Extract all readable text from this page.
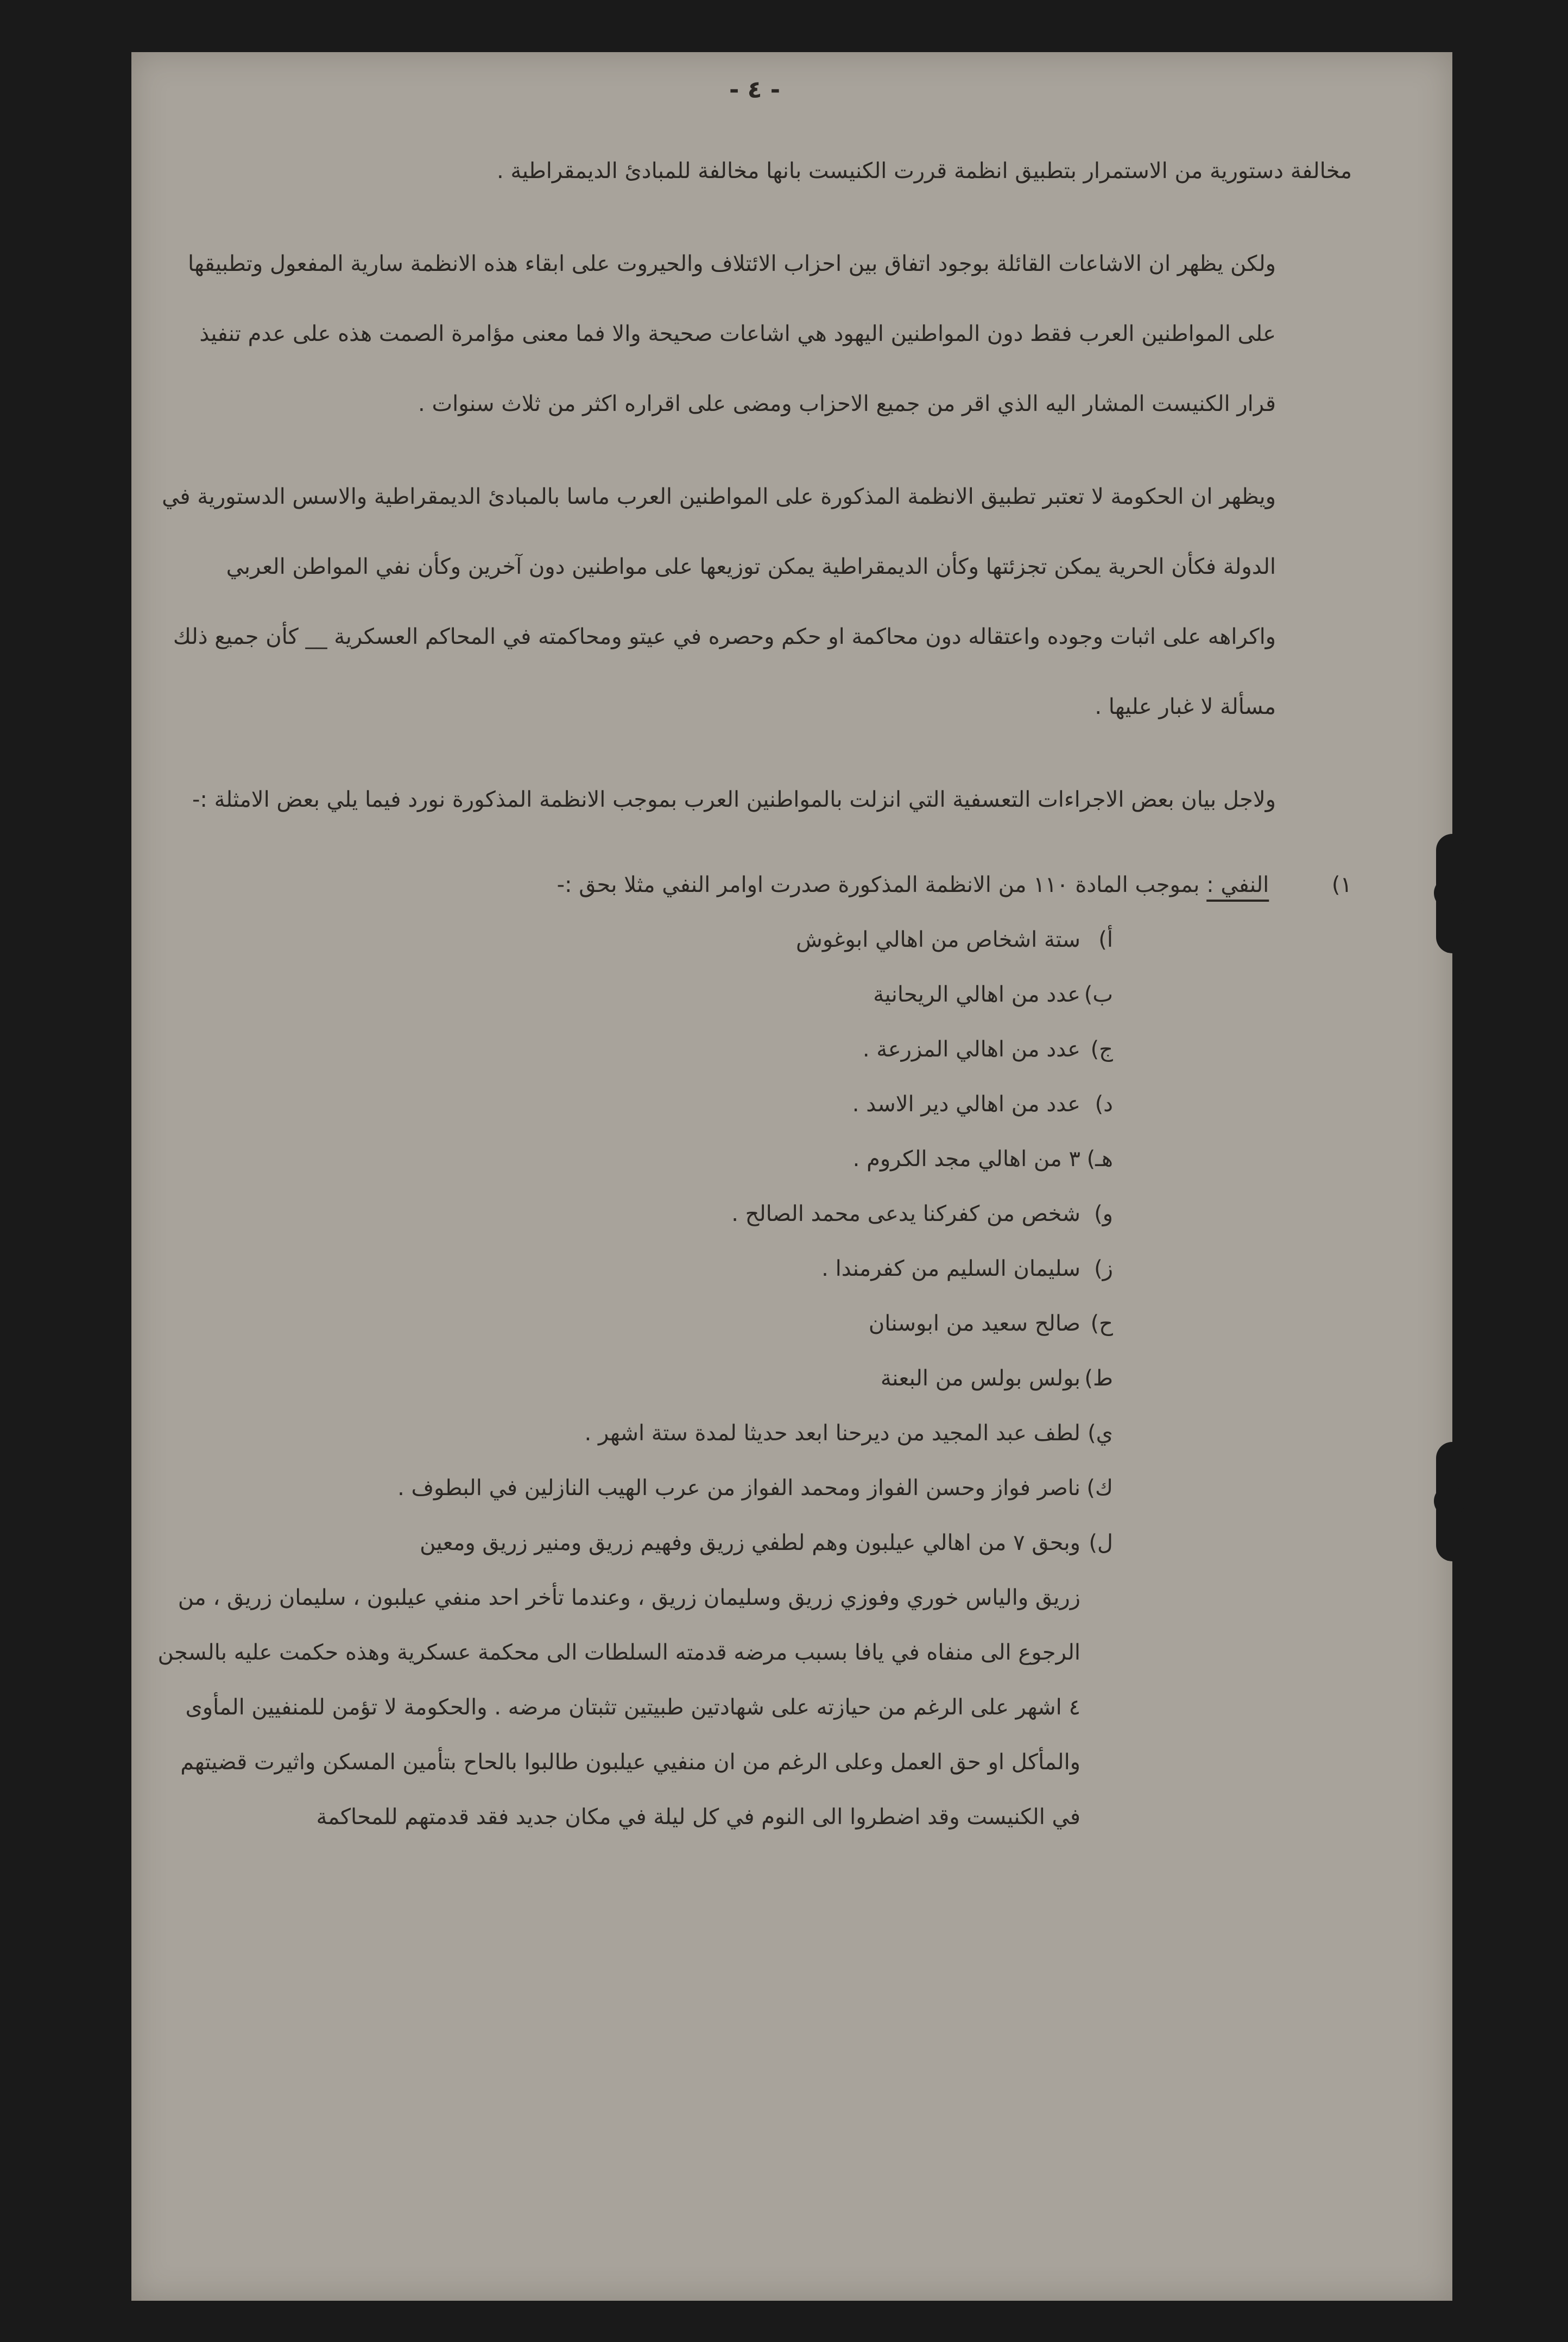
- ٤ -

مخالفة دستورية من الاستمرار بتطبيق انظمة قررت الكنيست بانها مخالفة للمبادئ الديمقراطية .

ولكن يظهر ان الاشاعات القائلة بوجود اتفاق بين احزاب الائتلاف والحيروت على ابقاء هذه الانظمة سارية المفعول وتطبيقها على المواطنين العرب فقط دون المواطنين اليهود هي اشاعات صحيحة والا فما معنى مؤامرة الصمت هذه على عدم تنفيذ قرار الكنيست المشار اليه الذي اقر من جميع الاحزاب ومضى على اقراره اكثر من ثلاث سنوات .

ويظهر ان الحكومة لا تعتبر تطبيق الانظمة المذكورة على المواطنين العرب ماسا بالمبادئ الديمقراطية والاسس الدستورية في الدولة فكأن الحرية يمكن تجزئتها وكأن الديمقراطية يمكن توزيعها على مواطنين دون آخرين وكأن نفي المواطن العربي واكراهه على اثبات وجوده واعتقاله دون محاكمة او حكم وحصره في عيتو ومحاكمته في المحاكم العسكرية __ كأن جميع ذلك مسألة لا غبار عليها .

ولاجل بيان بعض الاجراءات التعسفية التي انزلت بالمواطنين العرب بموجب الانظمة المذكورة نورد فيما يلي بعض الامثلة :-

١) النفي : بموجب المادة ١١٠ من الانظمة المذكورة صدرت اوامر النفي مثلا بحق :-
أ)ستة اشخاص من اهالي ابوغوش
ب)عدد من اهالي الريحانية
ج)عدد من اهالي المزرعة .
د)عدد من اهالي دير الاسد .
هـ)٣ من اهالي مجد الكروم .
و)شخص من كفركنا يدعى محمد الصالح .
ز)سليمان السليم من كفرمندا .
ح)صالح سعيد من ابوسنان
ط)بولس بولس من البعنة
ي)لطف عبد المجيد من ديرحنا ابعد حديثا لمدة ستة اشهر .
ك)ناصر فواز وحسن الفواز ومحمد الفواز من عرب الهيب النازلين في البطوف .
ل)وبحق ٧ من اهالي عيلبون وهم لطفي زريق وفهيم زريق ومنير زريق ومعين
زريق والياس خوري وفوزي زريق وسليمان زريق ، وعندما تأخر احد منفي عيلبون ، سليمان زريق ، من الرجوع الى منفاه في يافا بسبب مرضه قدمته السلطات الى محكمة عسكرية وهذه حكمت عليه بالسجن ٤ اشهر على الرغم من حيازته على شهادتين طبيتين تثبتان مرضه . والحكومة لا تؤمن للمنفيين المأوى والمأكل او حق العمل وعلى الرغم من ان منفيي عيلبون طالبوا بالحاح بتأمين المسكن واثيرت قضيتهم في الكنيست وقد اضطروا الى النوم في كل ليلة في مكان جديد فقد قدمتهم للمحاكمة
